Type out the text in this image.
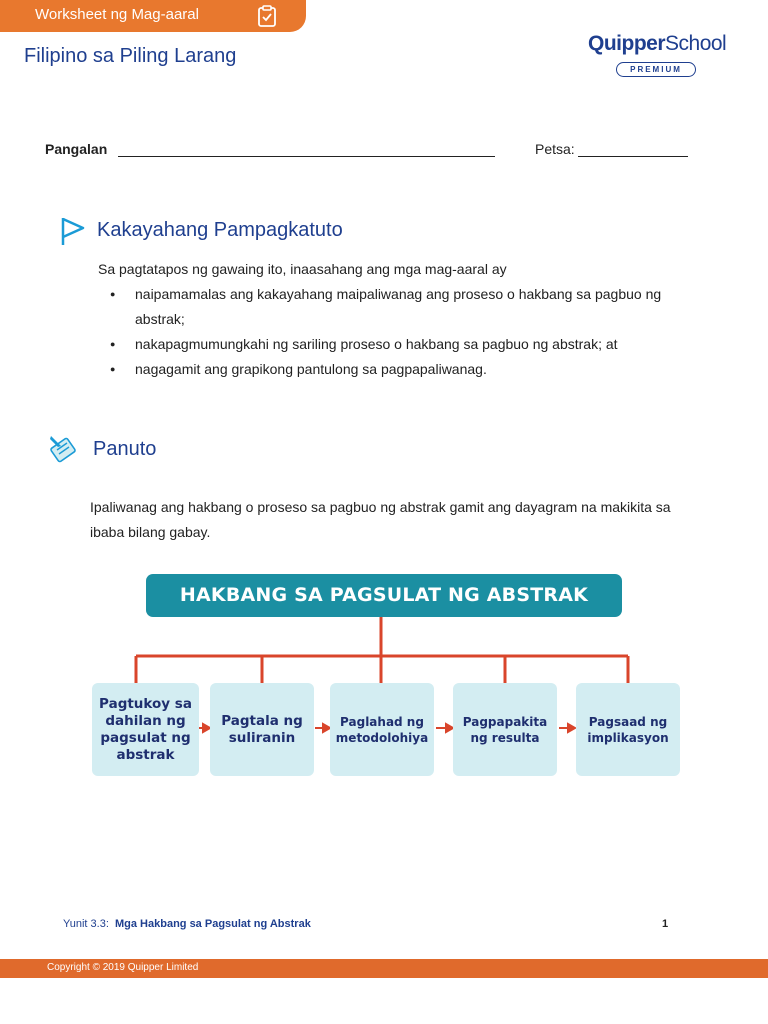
Worksheet ng Mag-aaral
Filipino sa Piling Larang
QuipperSchool
PREMIUM
Pangalan	Petsa:
Kakayahang Pampagkatuto
Sa pagtatapos ng gawaing ito, inaasahang ang mga mag-aaral ay
● naipamamalas ang kakayahang maipaliwanag ang proseso o hakbang sa pagbuo ng abstrak;
● nakapagmumungkahi ng sariling proseso o hakbang sa pagbuo ng abstrak; at
● nagagamit ang grapikong pantulong sa pagpapaliwanag.
Panuto
Ipaliwanag ang hakbang o proseso sa pagbuo ng abstrak gamit ang dayagram na makikita sa ibaba bilang gabay.
HAKBANG SA PAGSULAT NG ABSTRAK
Pagtukoy sa dahilan ng pagsulat ng abstrak
Pagtala ng suliranin
Paglahad ng metodolohiya
Pagpapakita ng resulta
Pagsaad ng implikasyon
Yunit 3.3: Mga Hakbang sa Pagsulat ng Abstrak	1
Copyright © 2019 Quipper Limited
